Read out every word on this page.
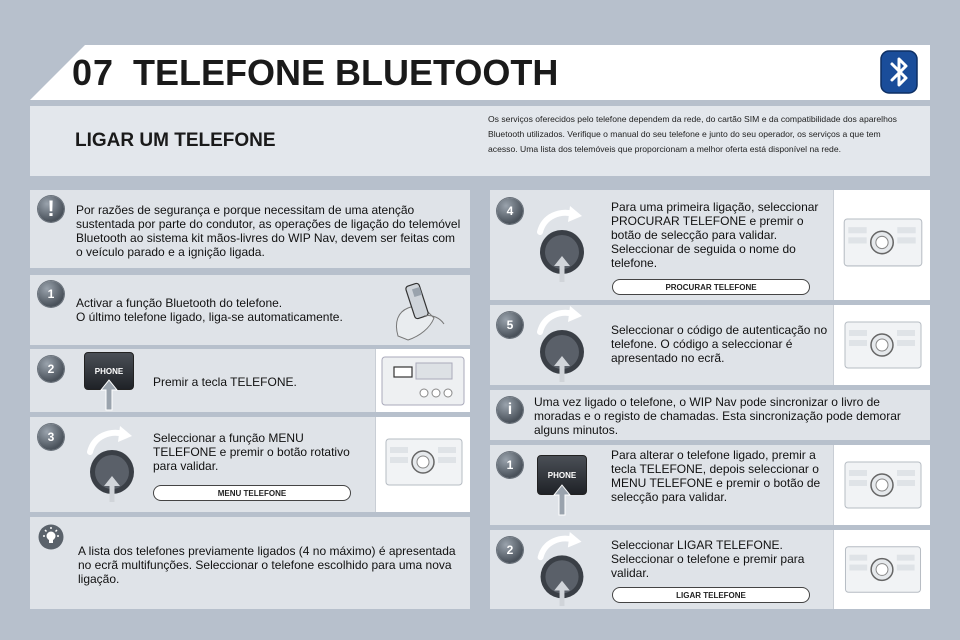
07 TELEFONE BLUETOOTH
LIGAR UM TELEFONE
Os serviços oferecidos pelo telefone dependem da rede, do cartão SIM e da compatibilidade dos aparelhos Bluetooth utilizados. Verifique o manual do seu telefone e junto do seu operador, os serviços a que tem acesso. Uma lista dos telemóveis que proporcionam a melhor oferta está disponível na rede.
!	Por razões de segurança e porque necessitam de uma atenção sustentada por parte do condutor, as operações de ligação do telemóvel Bluetooth ao sistema kit mãos-livres do WIP Nav, devem ser feitas com o veículo parado e a ignição ligada.
1
Activar a função Bluetooth do telefone.
O último telefone ligado, liga-se automaticamente.
2	PHONE
Premir a tecla TELEFONE.
3	Seleccionar a função MENU TELEFONE e premir o botão rotativo para validar.
MENU TELEFONE
A lista dos telefones previamente ligados (4 no máximo) é apresentada no ecrã multifunções. Seleccionar o telefone escolhido para uma nova ligação.
4	Para uma primeira ligação, seleccionar PROCURAR TELEFONE e premir o botão de selecção para validar. Seleccionar de seguida o nome do telefone.
PROCURAR TELEFONE
5	Seleccionar o código de autenticação no telefone. O código a seleccionar é apresentado no ecrã.
i	Uma vez ligado o telefone, o WIP Nav pode sincronizar o livro de moradas e o registo de chamadas. Esta sincronização pode demorar alguns minutos.
1
PHONE
Para alterar o telefone ligado, premir a tecla TELEFONE, depois seleccionar o MENU TELEFONE e premir o botão de selecção para validar.
2	Seleccionar LIGAR TELEFONE. Seleccionar o telefone e premir para validar.
LIGAR TELEFONE
